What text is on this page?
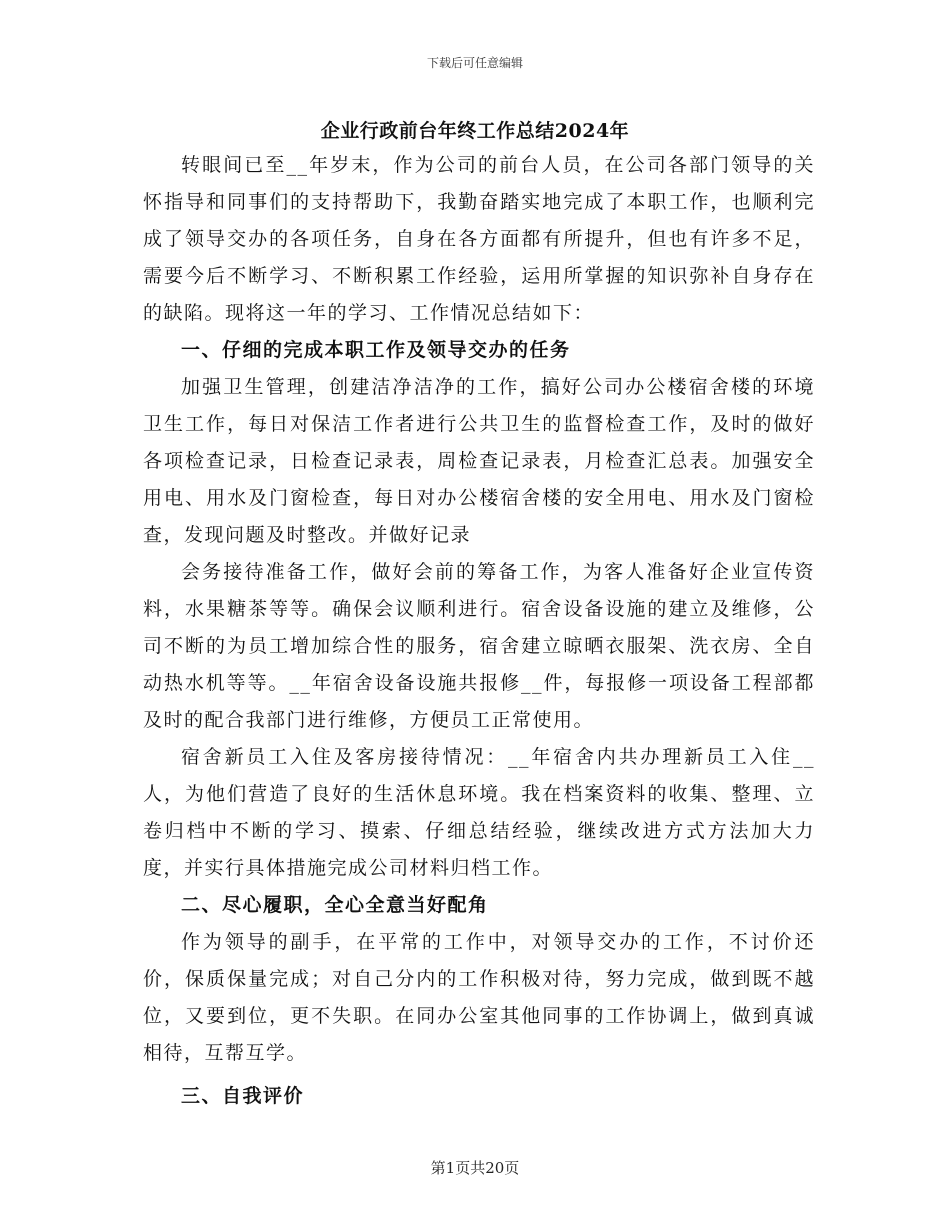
下载后可任意编辑
企业行政前台年终工作总结2024年

转眼间已至__年岁末，作为公司的前台人员，在公司各部门领导的关怀指导和同事们的支持帮助下，我勤奋踏实地完成了本职工作，也顺利完成了领导交办的各项任务，自身在各方面都有所提升，但也有许多不足，需要今后不断学习、不断积累工作经验，运用所掌握的知识弥补自身存在的缺陷。现将这一年的学习、工作情况总结如下：

一、仔细的完成本职工作及领导交办的任务

加强卫生管理，创建洁净洁净的工作，搞好公司办公楼宿舍楼的环境卫生工作，每日对保洁工作者进行公共卫生的监督检查工作，及时的做好各项检查记录，日检查记录表，周检查记录表，月检查汇总表。加强安全用电、用水及门窗检查，每日对办公楼宿舍楼的安全用电、用水及门窗检查，发现问题及时整改。并做好记录

会务接待准备工作，做好会前的筹备工作，为客人准备好企业宣传资料，水果糖茶等等。确保会议顺利进行。宿舍设备设施的建立及维修，公司不断的为员工增加综合性的服务，宿舍建立晾晒衣服架、洗衣房、全自动热水机等等。__年宿舍设备设施共报修__件，每报修一项设备工程部都及时的配合我部门进行维修，方便员工正常使用。

宿舍新员工入住及客房接待情况：__年宿舍内共办理新员工入住__人，为他们营造了良好的生活休息环境。我在档案资料的收集、整理、立卷归档中不断的学习、摸索、仔细总结经验，继续改进方式方法加大力度，并实行具体措施完成公司材料归档工作。

二、尽心履职，全心全意当好配角

作为领导的副手，在平常的工作中，对领导交办的工作，不讨价还价，保质保量完成；对自己分内的工作积极对待，努力完成，做到既不越位，又要到位，更不失职。在同办公室其他同事的工作协调上，做到真诚相待，互帮互学。

三、自我评价
第1页共20页
